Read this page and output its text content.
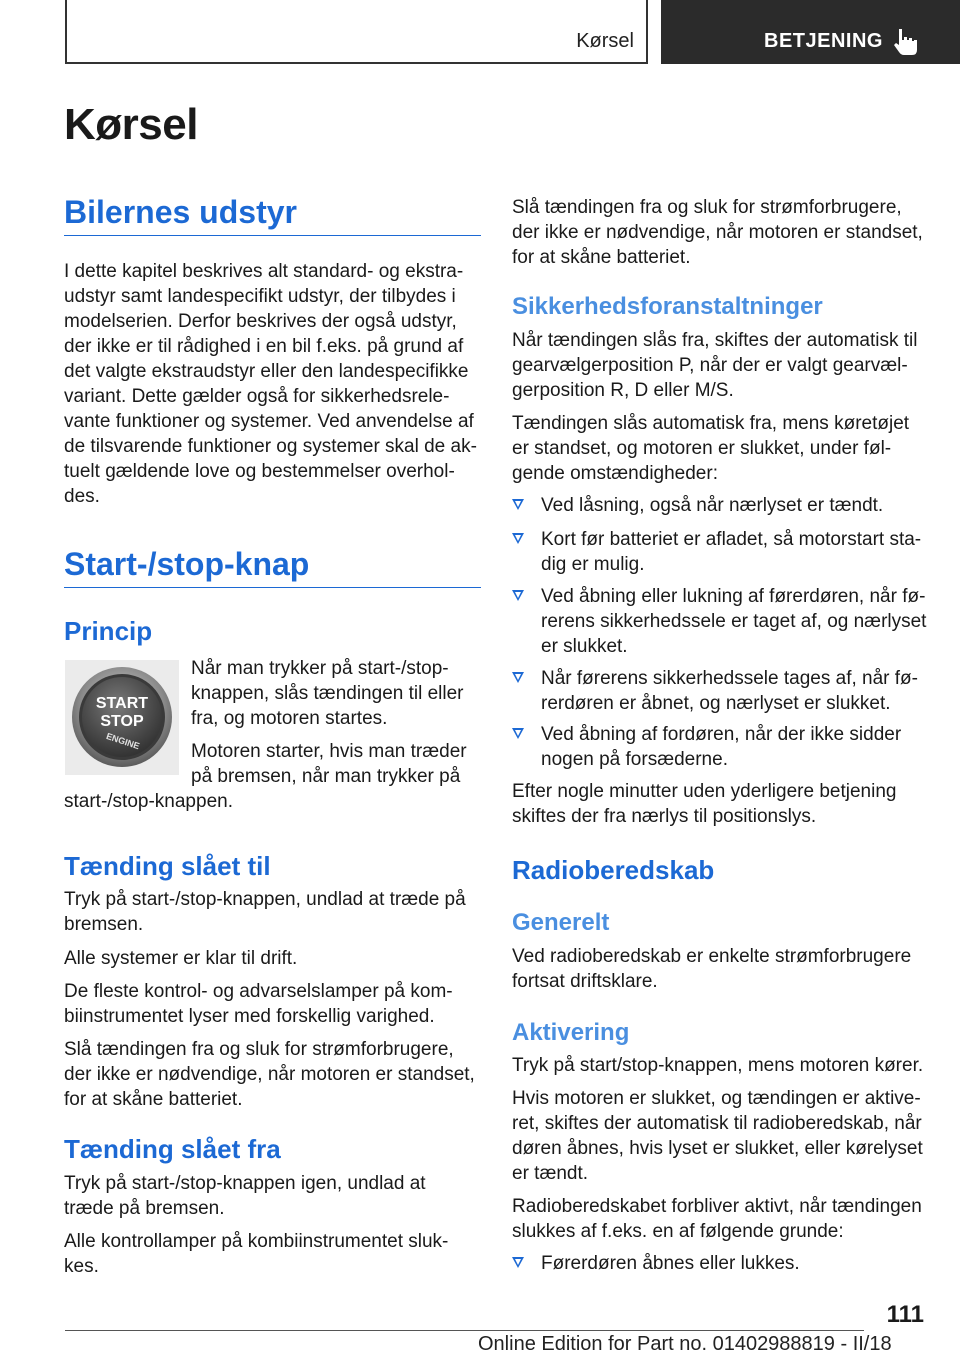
Kørsel	BETJENING
Kørsel
Bilernes udstyr

I dette kapitel beskrives alt standard- og ekstra-
udstyr samt landespecifikt udstyr, der tilbydes i
modelserien. Derfor beskrives der også udstyr,
der ikke er til rådighed i en bil f.eks. på grund af
det valgte ekstraudstyr eller den landespecifikke
variant. Dette gælder også for sikkerhedsrele-
vante funktioner og systemer. Ved anvendelse af
de tilsvarende funktioner og systemer skal de ak-
tuelt gældende love og bestemmelser overhol-
des.

Start-/stop-knap
Princip
START
STOP
ENGINE

Når man trykker på start-/stop-
knappen, slås tændingen til eller
fra, og motoren startes.

Motoren starter, hvis man træder
på bremsen, når man trykker på

start-/stop-knappen.

Tænding slået til

Tryk på start-/stop-knappen, undlad at træde på
bremsen.

Alle systemer er klar til drift.

De fleste kontrol- og advarselslamper på kom-
biinstrumentet lyser med forskellig varighed.

Slå tændingen fra og sluk for strømforbrugere,
der ikke er nødvendige, når motoren er standset,
for at skåne batteriet.

Tænding slået fra

Tryk på start-/stop-knappen igen, undlad at
træde på bremsen.

Alle kontrollamper på kombiinstrumentet sluk-
kes.

Slå tændingen fra og sluk for strømforbrugere,
der ikke er nødvendige, når motoren er standset,
for at skåne batteriet.

Sikkerhedsforanstaltninger

Når tændingen slås fra, skiftes der automatisk til
gearvælgerposition P, når der er valgt gearvæl-
gerposition R, D eller M/S.

Tændingen slås automatisk fra, mens køretøjet
er standset, og motoren er slukket, under føl-
gende omstændigheder:

Ved låsning, også når nærlyset er tændt.

Kort før batteriet er afladet, så motorstart sta-
dig er mulig.

Ved åbning eller lukning af førerdøren, når fø-
rerens sikkerhedssele er taget af, og nærlyset
er slukket.

Når førerens sikkerhedssele tages af, når fø-
rerdøren er åbnet, og nærlyset er slukket.

Ved åbning af fordøren, når der ikke sidder
nogen på forsæderne.

Efter nogle minutter uden yderligere betjening
skiftes der fra nærlys til positionslys.

Radioberedskab
Generelt

Ved radioberedskab er enkelte strømforbrugere
fortsat driftsklare.

Aktivering

Tryk på start/stop-knappen, mens motoren kører.

Hvis motoren er slukket, og tændingen er aktive-
ret, skiftes der automatisk til radioberedskab, når
døren åbnes, hvis lyset er slukket, eller kørelyset
er tændt.

Radioberedskabet forbliver aktivt, når tændingen
slukkes af f.eks. en af følgende grunde:

Førerdøren åbnes eller lukkes.

111
Online Edition for Part no. 01402988819 - II/18
